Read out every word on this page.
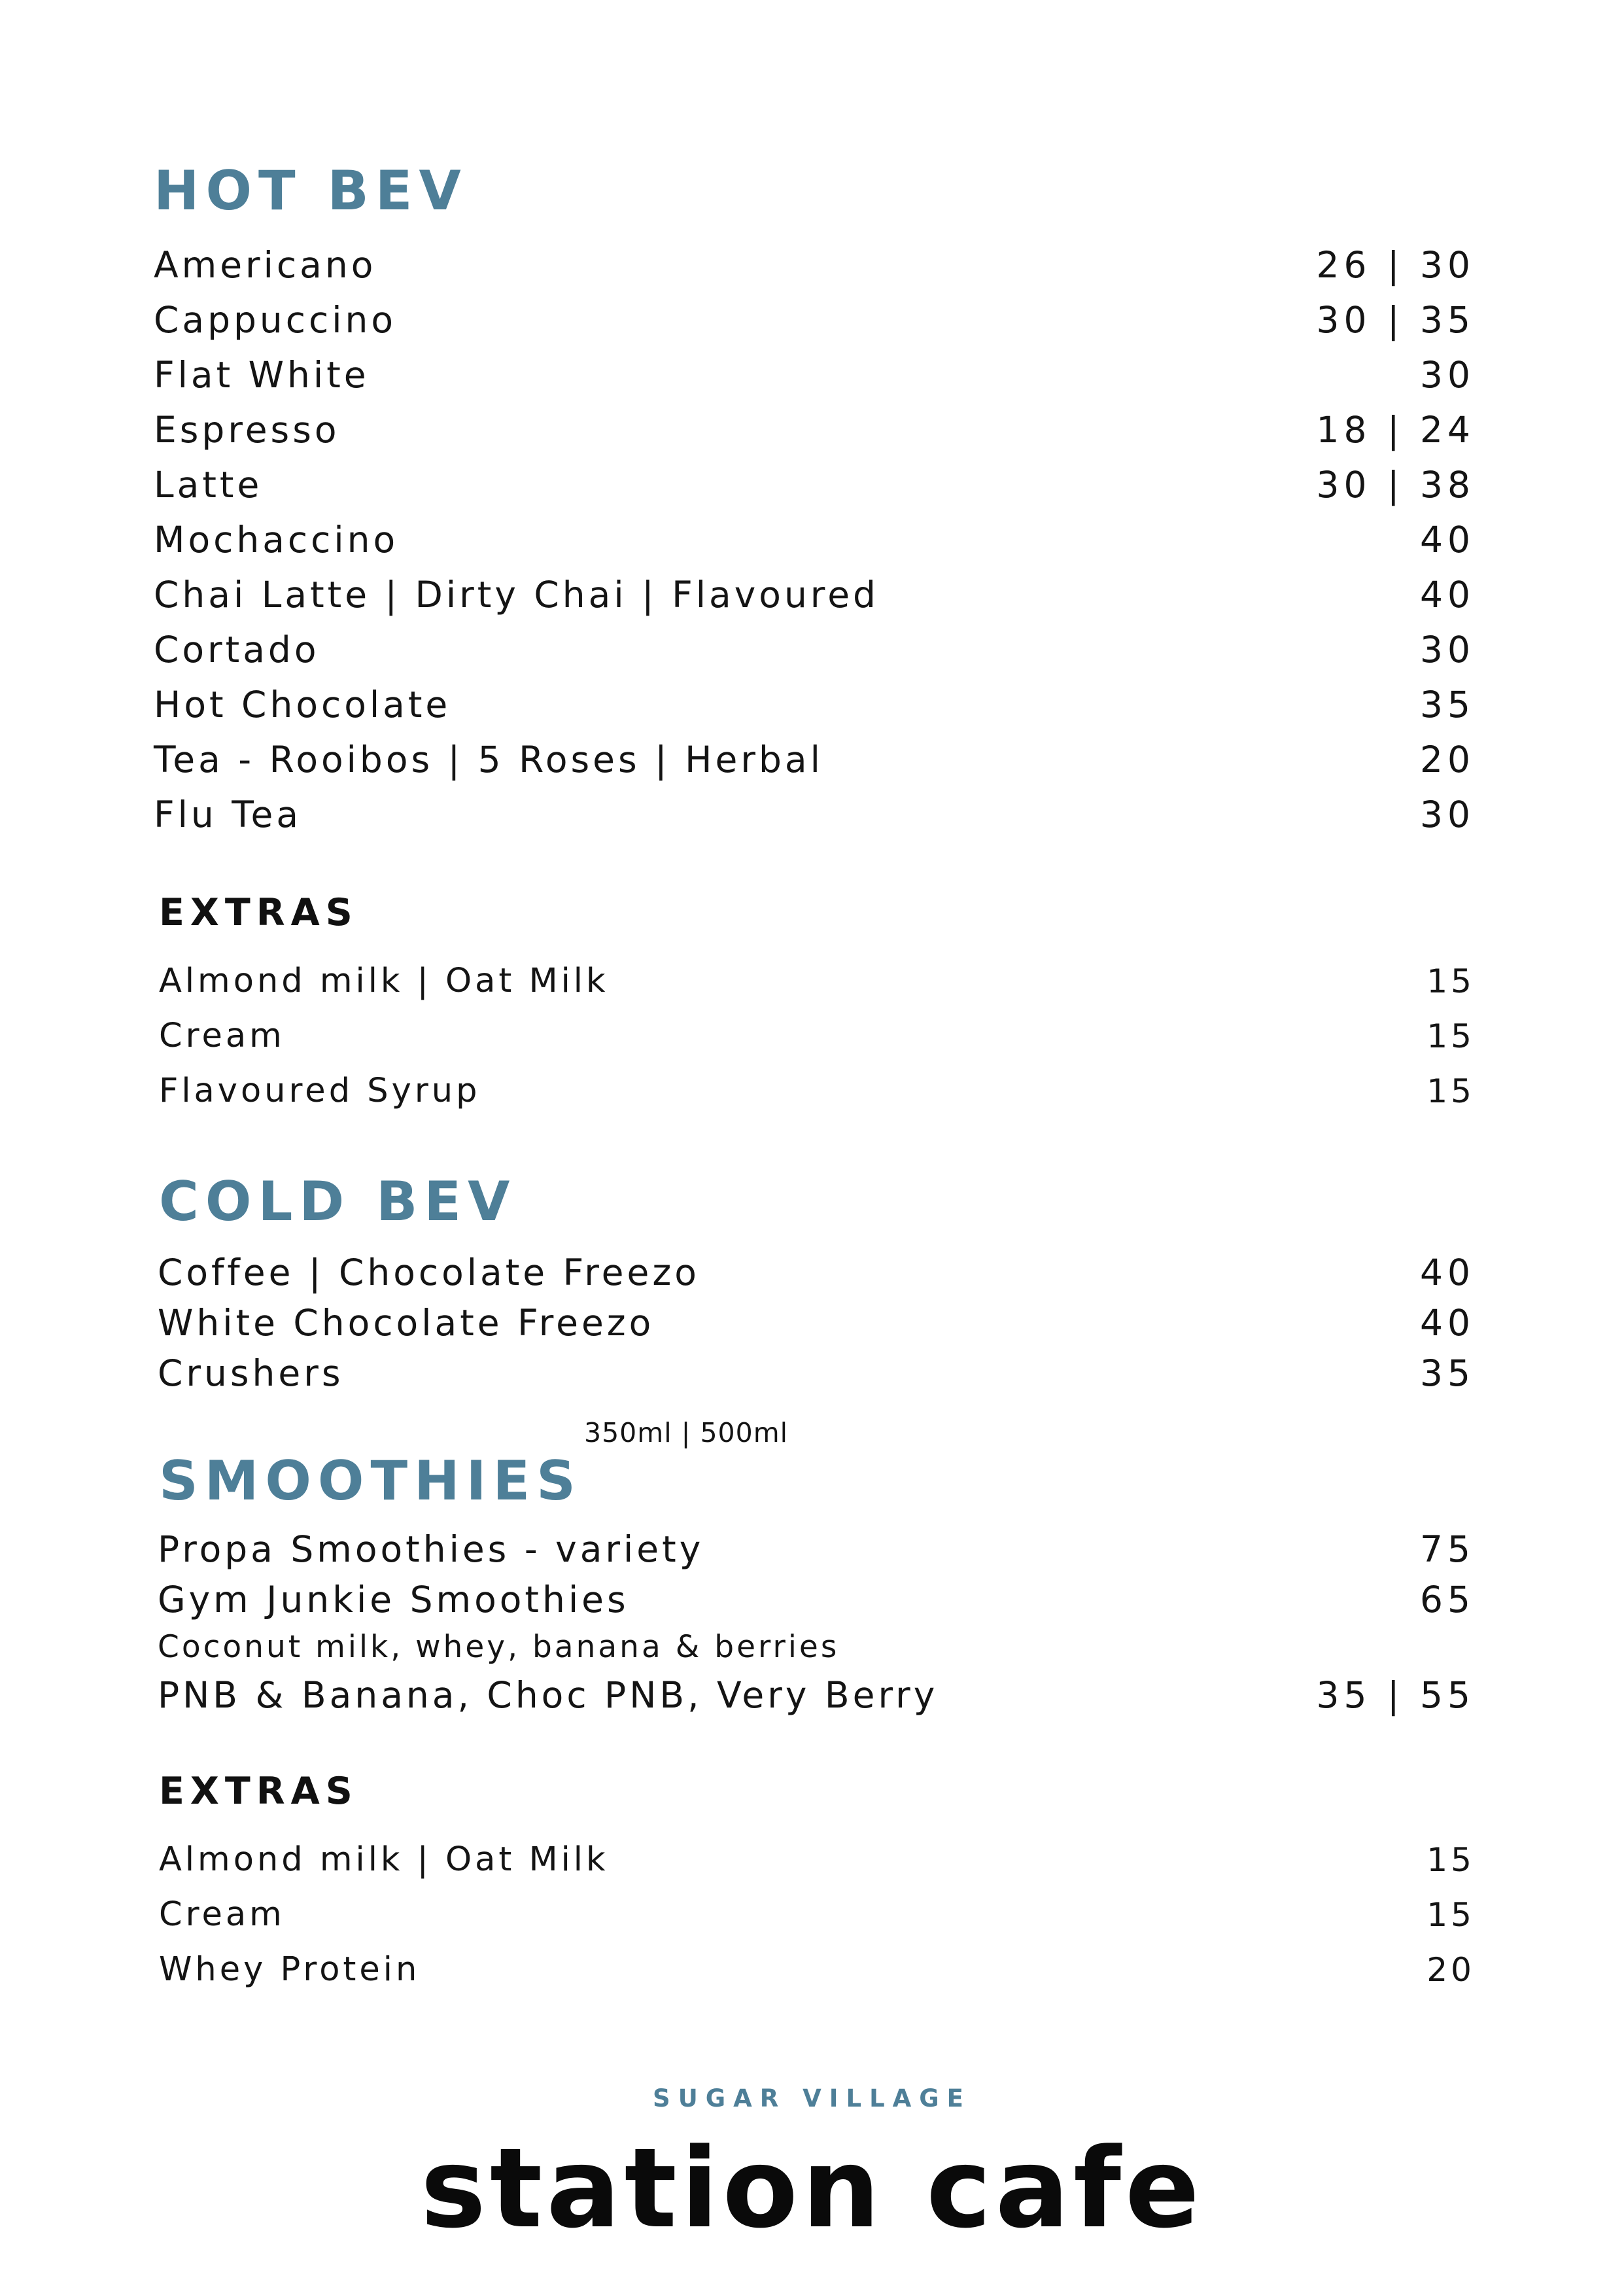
HOT BEV
Americano	26 | 30
Cappuccino	30 | 35
Flat White	30
Espresso	18 | 24
Latte	30 | 38
Mochaccino	40
Chai Latte | Dirty Chai | Flavoured	40
Cortado	30
Hot Chocolate	35
Tea - Rooibos | 5 Roses | Herbal	20
Flu Tea	30
EXTRAS
Almond milk | Oat Milk	15
Cream	15
Flavoured Syrup	15
COLD BEV
Coffee | Chocolate Freezo	40
White Chocolate Freezo	40
Crushers	35
350ml | 500ml
SMOOTHIES
Propa Smoothies - variety	75
Gym Junkie Smoothies	65
Coconut milk, whey, banana & berries
PNB & Banana, Choc PNB, Very Berry	35 | 55
EXTRAS
Almond milk | Oat Milk	15
Cream	15
Whey Protein	20
SUGAR VILLAGE
station cafe
